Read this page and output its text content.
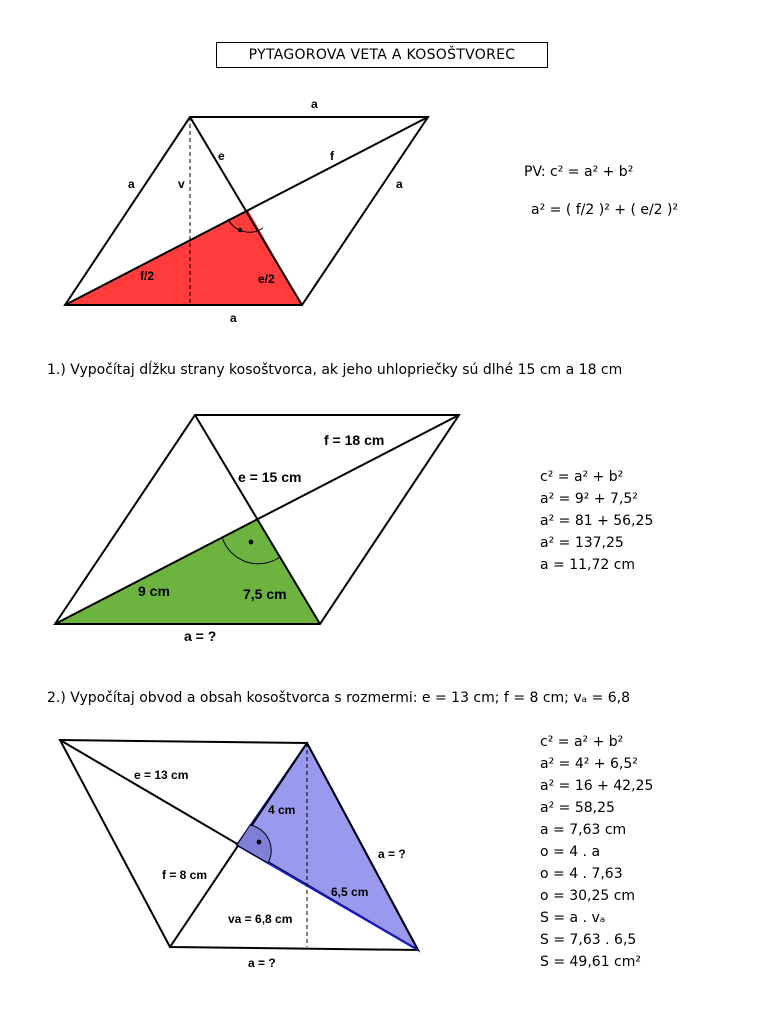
PYTAGOROVA VETA A KOSOŠTVOREC
a
a	a
a
v
e	f
f/2	e/2
PV: c² = a² + b²
a² = ( f/2 )² + ( e/2 )²
1.) Vypočítaj dĺžku strany kosoštvorca, ak jeho uhlopriečky sú dlhé 15 cm a 18 cm
f = 18 cm
e = 15 cm
9 cm	7,5 cm
a = ?
c² = a² + b²
a² = 9² + 7,5²
a² = 81 + 56,25
a² = 137,25
a = 11,72 cm
2.) Vypočítaj obvod a obsah kosoštvorca s rozmermi: e = 13 cm; f = 8 cm; vₐ = 6,8
e = 13 cm
4 cm
a = ?
f = 8 cm
6,5 cm
va = 6,8 cm
a = ?
c² = a² + b²
a² = 4² + 6,5²
a² = 16 + 42,25
a² = 58,25
a = 7,63 cm
o = 4 . a
o = 4 . 7,63
o = 30,25 cm
S = a . vₐ
S = 7,63 . 6,5
S = 49,61 cm²
